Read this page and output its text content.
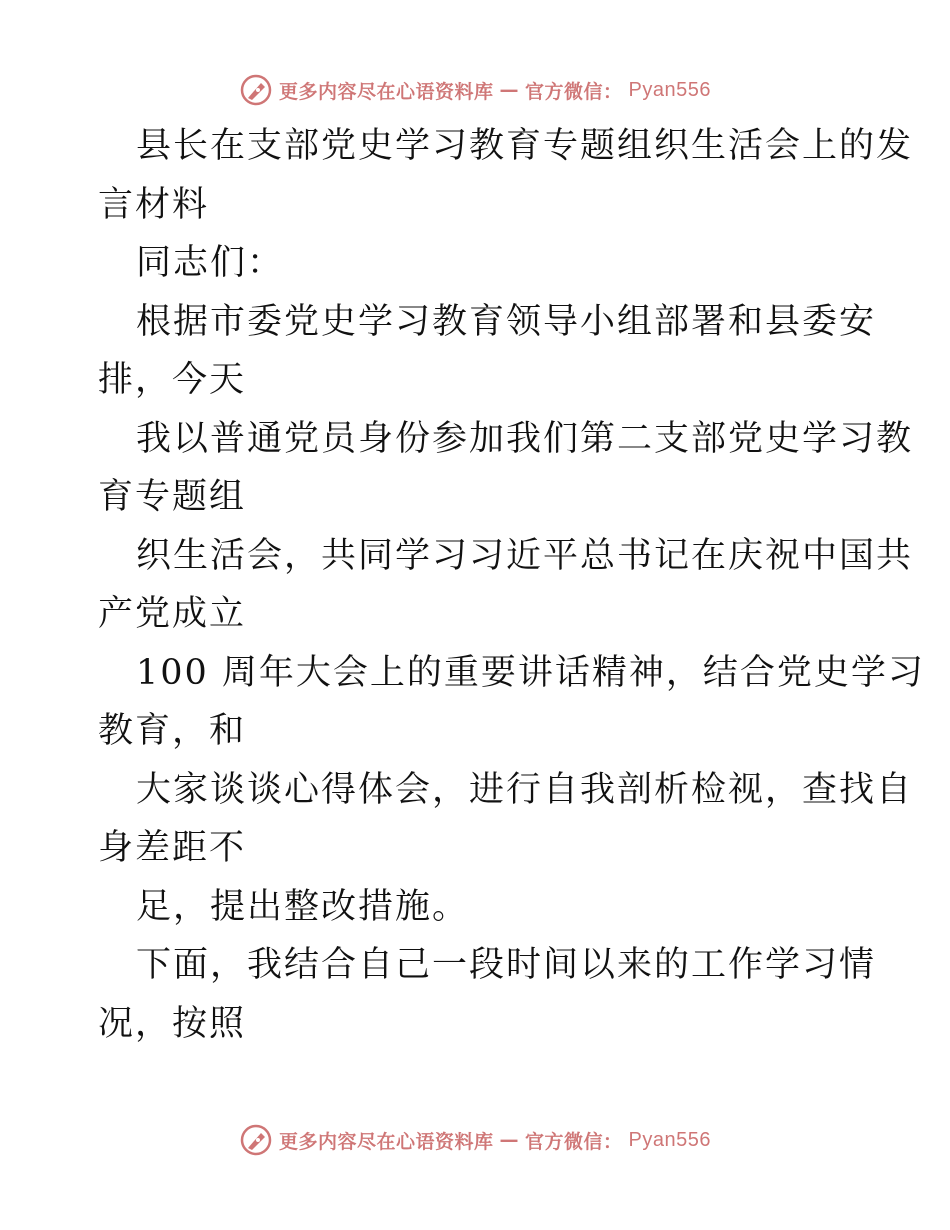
更多内容尽在心语资料库 — 官方微信： Pyan556
县长在支部党史学习教育专题组织生活会上的发
言材料
同志们：
根据市委党史学习教育领导小组部署和县委安
排，今天
我以普通党员身份参加我们第二支部党史学习教
育专题组
织生活会，共同学习习近平总书记在庆祝中国共
产党成立
100 周年大会上的重要讲话精神，结合党史学习
教育，和
大家谈谈心得体会，进行自我剖析检视，查找自
身差距不
足，提出整改措施。
下面，我结合自己一段时间以来的工作学习情
况，按照
更多内容尽在心语资料库 — 官方微信： Pyan556
